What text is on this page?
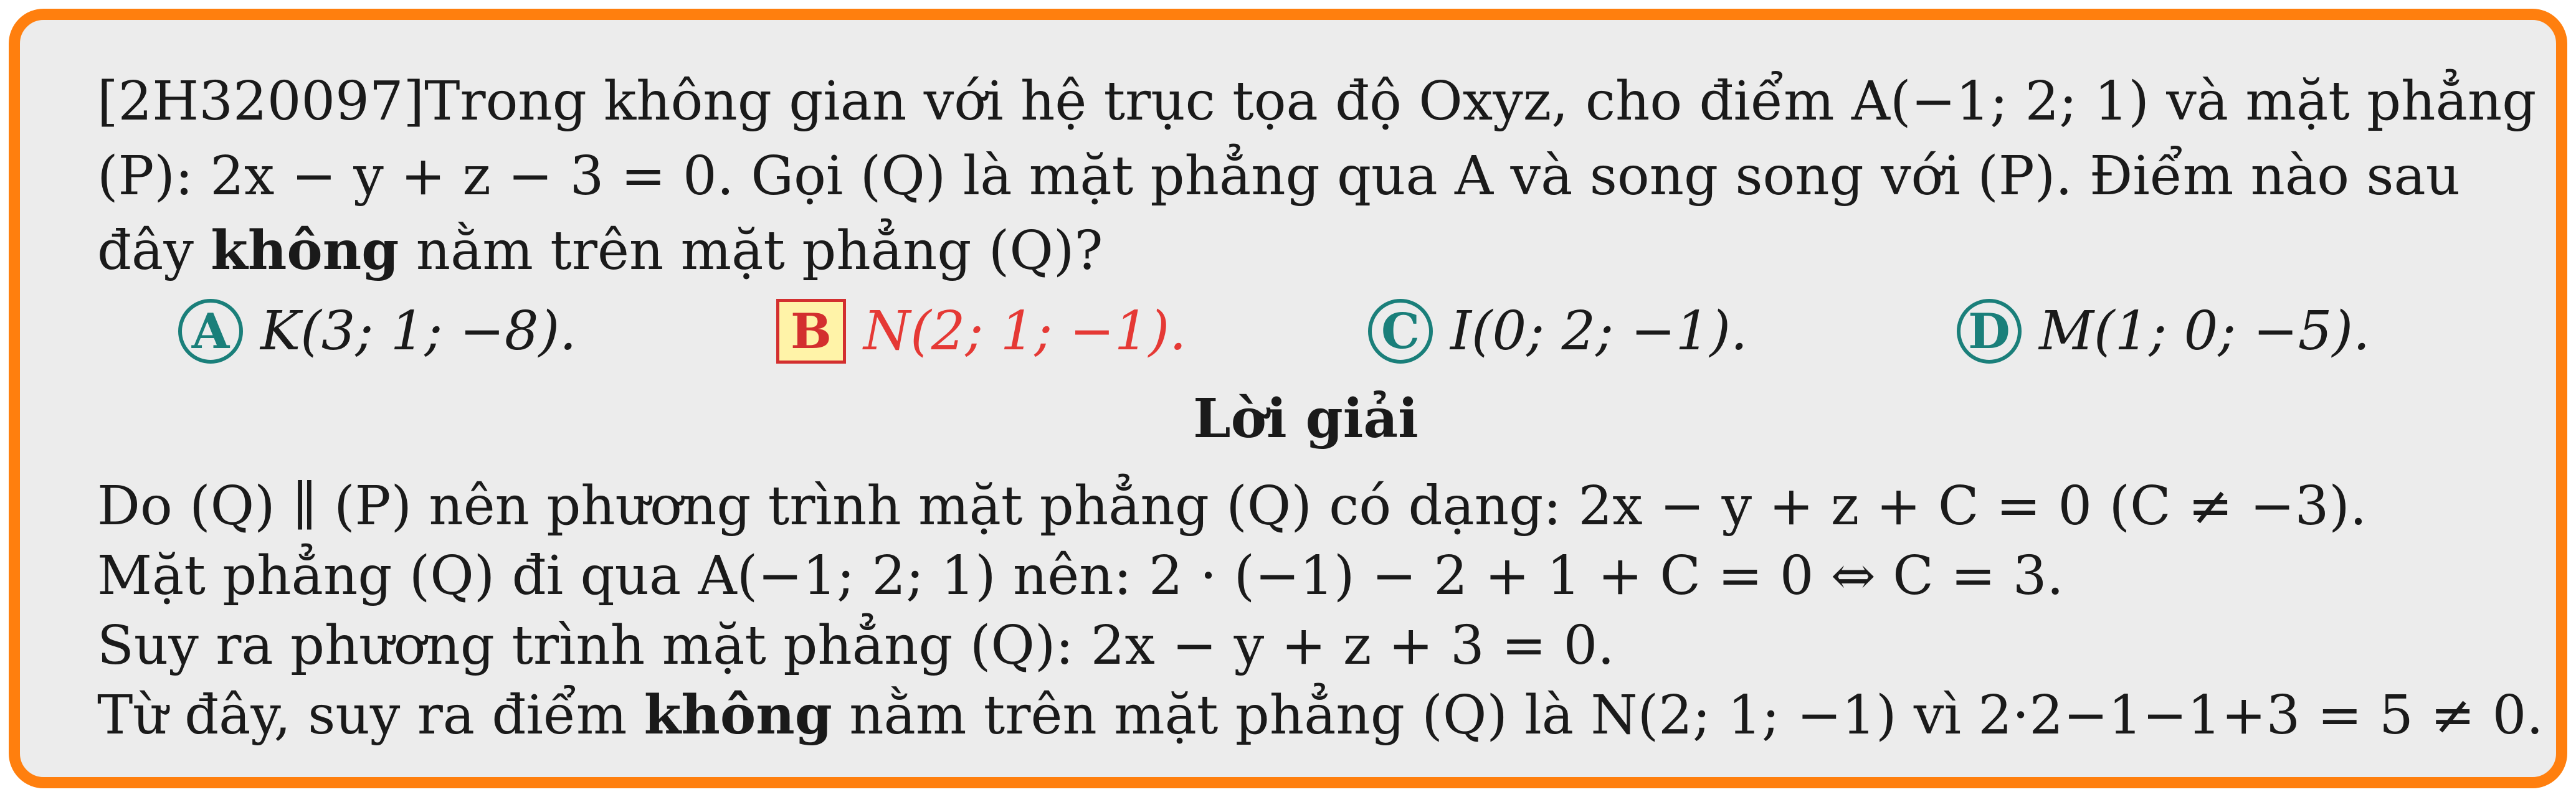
[2H320097]Trong không gian với hệ trục tọa độ Oxyz, cho điểm A(−1; 2; 1) và mặt phẳng
(P): 2x − y + z − 3 = 0. Gọi (Q) là mặt phẳng qua A và song song với (P). Điểm nào sau
đây không nằm trên mặt phẳng (Q)?
A K(3; 1; −8).	B N(2; 1; −1).	C I(0; 2; −1).	D M(1; 0; −5).
Lời giải
Do (Q) ∥ (P) nên phương trình mặt phẳng (Q) có dạng: 2x − y + z + C = 0 (C ≠ −3).
Mặt phẳng (Q) đi qua A(−1; 2; 1) nên: 2 · (−1) − 2 + 1 + C = 0 ⇔ C = 3.
Suy ra phương trình mặt phẳng (Q): 2x − y + z + 3 = 0.
Từ đây, suy ra điểm không nằm trên mặt phẳng (Q) là N(2; 1; −1) vì 2·2−1−1+3 = 5 ≠ 0.
